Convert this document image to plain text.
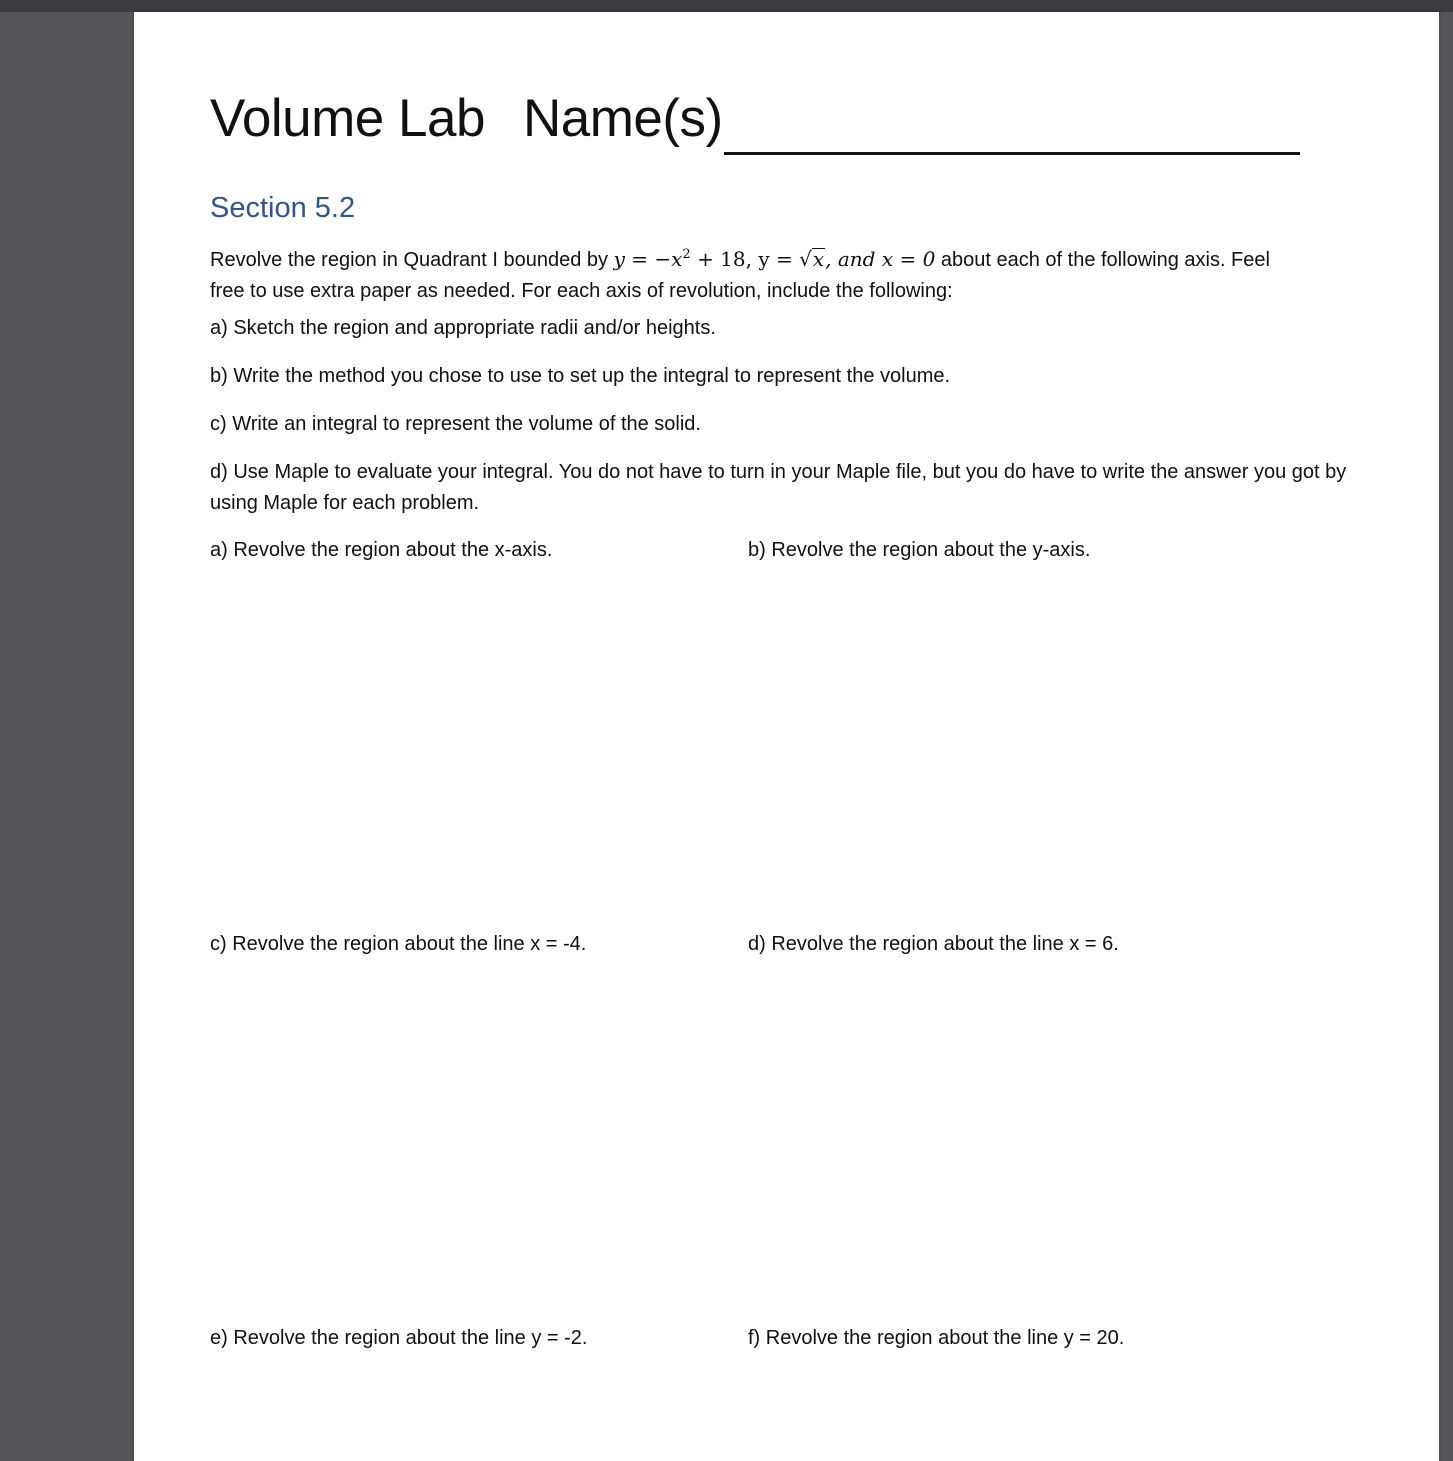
Volume Lab Name(s)
Section 5.2
Revolve the region in Quadrant I bounded by $y = -x^2 + 18$, y = √x, and x = 0 about each of the following axis. Feel
free to use extra paper as needed. For each axis of revolution, include the following:
a) Sketch the region and appropriate radii and/or heights.
b) Write the method you chose to use to set up the integral to represent the volume.
c) Write an integral to represent the volume of the solid.
d) Use Maple to evaluate your integral. You do not have to turn in your Maple file, but you do have to write the answer you got by using Maple for each problem.
a) Revolve the region about the x-axis.	b) Revolve the region about the y-axis.
c) Revolve the region about the line x = -4.	d) Revolve the region about the line x = 6.
e) Revolve the region about the line y = -2.	f) Revolve the region about the line y = 20.
